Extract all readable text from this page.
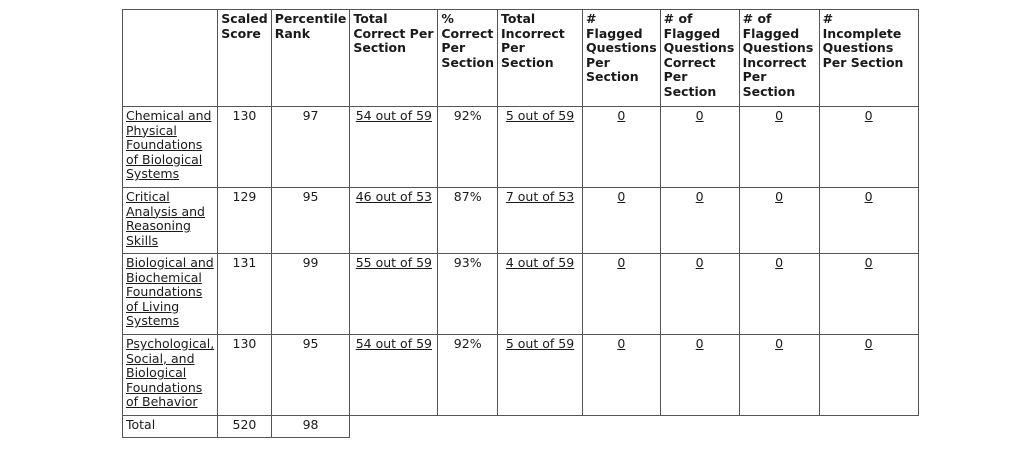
	Scaled Score	Percentile Rank	Total Correct Per Section	% Correct Per Section	Total Incorrect Per Section	# Flagged Questions Per Section	# of Flagged Questions Correct Per Section	# of Flagged Questions Incorrect Per Section	# Incomplete Questions Per Section
Chemical and Physical Foundations of Biological Systems	130	97	54 out of 59	92%	5 out of 59	0	0	0	0
Critical Analysis and Reasoning Skills	129	95	46 out of 53	87%	7 out of 53	0	0	0	0
Biological and Biochemical Foundations of Living Systems	131	99	55 out of 59	93%	4 out of 59	0	0	0	0
Psychological, Social, and Biological Foundations of Behavior	130	95	54 out of 59	92%	5 out of 59	0	0	0	0
Total	520	98							
